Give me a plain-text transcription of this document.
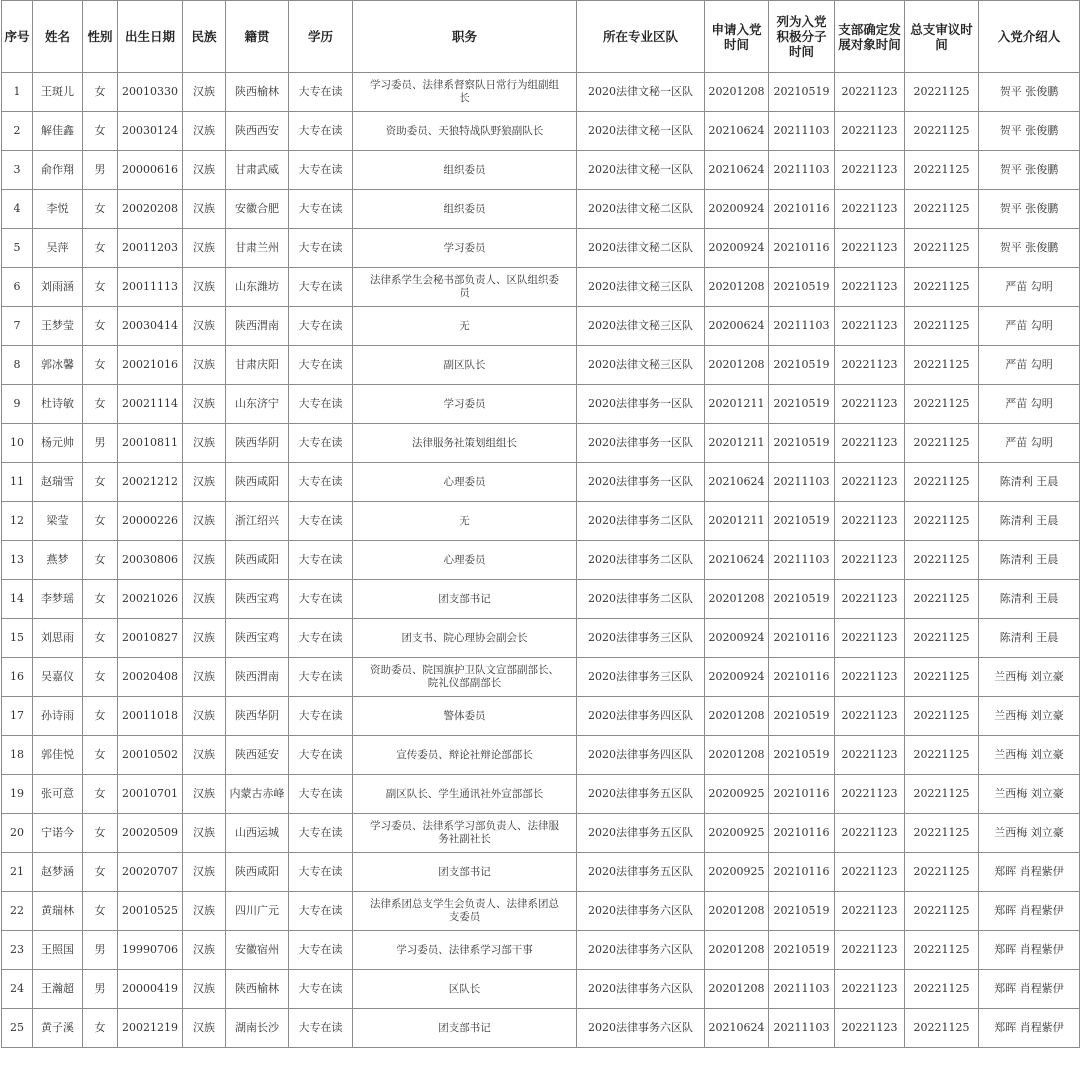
序号	姓名	性别	出生日期	民族	籍贯	学历	职务	所在专业区队	申请入党时间	列为入党积极分子时间	支部确定发展对象时间	总支审议时间	入党介绍人
1	王斑儿	女	20010330	汉族	陕西榆林	大专在读	学习委员、法律系督察队日常行为组副组长	2020法律文秘一区队	20201208	20210519	20221123	20221125	贺平 张俊鹏
2	解佳鑫	女	20030124	汉族	陕西西安	大专在读	资助委员、天狼特战队野狼副队长	2020法律文秘一区队	20210624	20211103	20221123	20221125	贺平 张俊鹏
3	俞作翔	男	20000616	汉族	甘肃武威	大专在读	组织委员	2020法律文秘一区队	20210624	20211103	20221123	20221125	贺平 张俊鹏
4	李悦	女	20020208	汉族	安徽合肥	大专在读	组织委员	2020法律文秘二区队	20200924	20210116	20221123	20221125	贺平 张俊鹏
5	吴萍	女	20011203	汉族	甘肃兰州	大专在读	学习委员	2020法律文秘二区队	20200924	20210116	20221123	20221125	贺平 张俊鹏
6	刘雨涵	女	20011113	汉族	山东潍坊	大专在读	法律系学生会秘书部负责人、区队组织委员	2020法律文秘三区队	20201208	20210519	20221123	20221125	严苗 勾明
7	王梦莹	女	20030414	汉族	陕西渭南	大专在读	无	2020法律文秘三区队	20200624	20211103	20221123	20221125	严苗 勾明
8	郭冰馨	女	20021016	汉族	甘肃庆阳	大专在读	副区队长	2020法律文秘三区队	20201208	20210519	20221123	20221125	严苗 勾明
9	杜诗敏	女	20021114	汉族	山东济宁	大专在读	学习委员	2020法律事务一区队	20201211	20210519	20221123	20221125	严苗 勾明
10	杨元帅	男	20010811	汉族	陕西华阴	大专在读	法律服务社策划组组长	2020法律事务一区队	20201211	20210519	20221123	20221125	严苗 勾明
11	赵瑞雪	女	20021212	汉族	陕西咸阳	大专在读	心理委员	2020法律事务一区队	20210624	20211103	20221123	20221125	陈清利 王晨
12	梁莹	女	20000226	汉族	浙江绍兴	大专在读	无	2020法律事务二区队	20201211	20210519	20221123	20221125	陈清利 王晨
13	燕梦	女	20030806	汉族	陕西咸阳	大专在读	心理委员	2020法律事务二区队	20210624	20211103	20221123	20221125	陈清利 王晨
14	李梦瑶	女	20021026	汉族	陕西宝鸡	大专在读	团支部书记	2020法律事务二区队	20201208	20210519	20221123	20221125	陈清利 王晨
15	刘思雨	女	20010827	汉族	陕西宝鸡	大专在读	团支书、院心理协会副会长	2020法律事务三区队	20200924	20210116	20221123	20221125	陈清利 王晨
16	吴嘉仪	女	20020408	汉族	陕西渭南	大专在读	资助委员、院国旗护卫队文宣部副部长、院礼仪部副部长	2020法律事务三区队	20200924	20210116	20221123	20221125	兰西梅 刘立豪
17	孙诗雨	女	20011018	汉族	陕西华阴	大专在读	警体委员	2020法律事务四区队	20201208	20210519	20221123	20221125	兰西梅 刘立豪
18	郭佳悦	女	20010502	汉族	陕西延安	大专在读	宣传委员、辩论社辩论部部长	2020法律事务四区队	20201208	20210519	20221123	20221125	兰西梅 刘立豪
19	张可意	女	20010701	汉族	内蒙古赤峰	大专在读	副区队长、学生通讯社外宣部部长	2020法律事务五区队	20200925	20210116	20221123	20221125	兰西梅 刘立豪
20	宁诺今	女	20020509	汉族	山西运城	大专在读	学习委员、法律系学习部负责人、法律服务社副社长	2020法律事务五区队	20200925	20210116	20221123	20221125	兰西梅 刘立豪
21	赵梦涵	女	20020707	汉族	陕西咸阳	大专在读	团支部书记	2020法律事务五区队	20200925	20210116	20221123	20221125	郑晖 肖程紫伊
22	黄瑞林	女	20010525	汉族	四川广元	大专在读	法律系团总支学生会负责人、法律系团总支委员	2020法律事务六区队	20201208	20210519	20221123	20221125	郑晖 肖程紫伊
23	王照国	男	19990706	汉族	安徽宿州	大专在读	学习委员、法律系学习部干事	2020法律事务六区队	20201208	20210519	20221123	20221125	郑晖 肖程紫伊
24	王瀚超	男	20000419	汉族	陕西榆林	大专在读	区队长	2020法律事务六区队	20201208	20211103	20221123	20221125	郑晖 肖程紫伊
25	黄子溪	女	20021219	汉族	湖南长沙	大专在读	团支部书记	2020法律事务六区队	20210624	20211103	20221123	20221125	郑晖 肖程紫伊
